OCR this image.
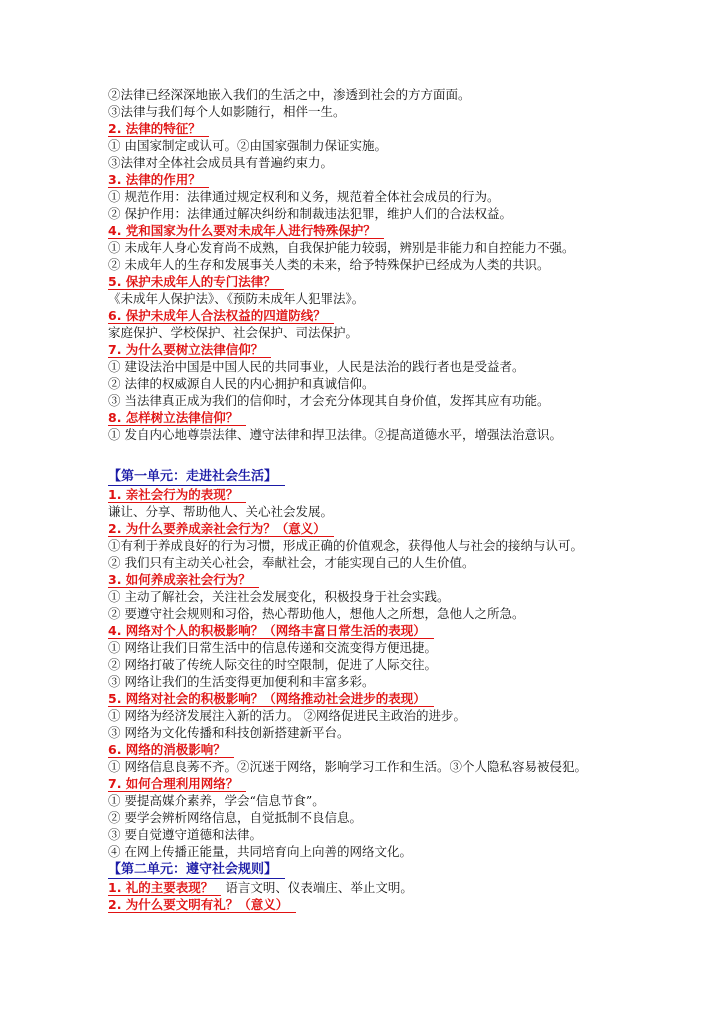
②法律已经深深地嵌入我们的生活之中，渗透到社会的方方面面。
③法律与我们每个人如影随行，相伴一生。
2. 法律的特征？
① 由国家制定或认可。②由国家强制力保证实施。
③法律对全体社会成员具有普遍约束力。
3. 法律的作用？
① 规范作用：法律通过规定权利和义务，规范着全体社会成员的行为。
② 保护作用：法律通过解决纠纷和制裁违法犯罪，维护人们的合法权益。
4. 党和国家为什么要对未成年人进行特殊保护？
① 未成年人身心发育尚不成熟，自我保护能力较弱，辨别是非能力和自控能力不强。
② 未成年人的生存和发展事关人类的未来，给予特殊保护已经成为人类的共识。
5. 保护未成年人的专门法律？
《未成年人保护法》、《预防未成年人犯罪法》。
6. 保护未成年人合法权益的四道防线？
家庭保护、学校保护、社会保护、司法保护。
7. 为什么要树立法律信仰？
① 建设法治中国是中国人民的共同事业，人民是法治的践行者也是受益者。
② 法律的权威源自人民的内心拥护和真诚信仰。
③ 当法律真正成为我们的信仰时，才会充分体现其自身价值，发挥其应有功能。
8. 怎样树立法律信仰？
① 发自内心地尊崇法律、遵守法律和捍卫法律。②提高道德水平，增强法治意识。
【第一单元：走进社会生活】
1. 亲社会行为的表现？
谦让、分享、帮助他人、关心社会发展。
2. 为什么要养成亲社会行为？（意义）
①有利于养成良好的行为习惯，形成正确的价值观念，获得他人与社会的接纳与认可。
② 我们只有主动关心社会，奉献社会，才能实现自己的人生价值。
3. 如何养成亲社会行为？
① 主动了解社会，关注社会发展变化，积极投身于社会实践。
② 要遵守社会规则和习俗，热心帮助他人，想他人之所想，急他人之所急。
4. 网络对个人的积极影响？（网络丰富日常生活的表现）
① 网络让我们日常生活中的信息传递和交流变得方便迅捷。
② 网络打破了传统人际交往的时空限制，促进了人际交往。
③ 网络让我们的生活变得更加便利和丰富多彩。
5. 网络对社会的积极影响？（网络推动社会进步的表现）
① 网络为经济发展注入新的活力。 ②网络促进民主政治的进步。
③ 网络为文化传播和科技创新搭建新平台。
6. 网络的消极影响？
① 网络信息良莠不齐。②沉迷于网络，影响学习工作和生活。③个人隐私容易被侵犯。
7. 如何合理利用网络？
① 要提高媒介素养，学会“信息节食”。
② 要学会辨析网络信息，自觉抵制不良信息。
③ 要自觉遵守道德和法律。
④ 在网上传播正能量，共同培育向上向善的网络文化。
【第二单元：遵守社会规则】
1. 礼的主要表现？ 语言文明、仪表端庄、举止文明。
2. 为什么要文明有礼？（意义）
